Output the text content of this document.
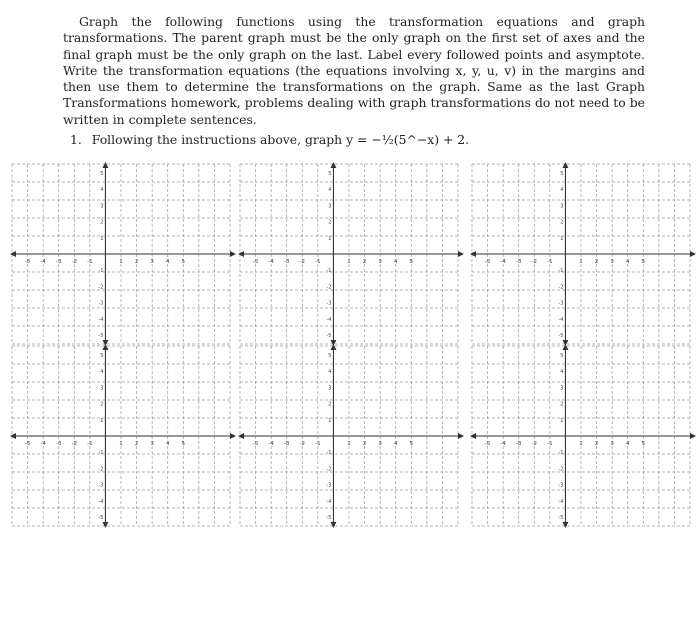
Graph the following functions using the transformation equations and graph transformations. The parent graph must be the only graph on the first set of axes and the final graph must be the only graph on the last. Label every followed points and asymptote. Write the transformation equations (the equations involving x, y, u, v) in the margins and then use them to determine the transformations on the graph. Same as the last Graph Transformations homework, problems dealing with graph transformations do not need to be written in complete sentences.

1. Following the instructions above, graph y = −½(5^−x) + 2.
-5 -4 -3 -2 -1	1 2 3 4 5
5
4
3
2
1
-1
-2
-3
-4
-5
-5 -4 -3 -2 -1	1 2 3 4 5
5
4
3
2
1
-1
-2
-3
-4
-5
-5 -4 -3 -2 -1	1 2 3 4 5
5
4
3
2
1
-1
-2
-3
-4
-5
-5 -4 -3 -2 -1	1 2 3 4 5
5
4
3
2
1
-1
-2
-3
-4
-5
-5 -4 -3 -2 -1	1 2 3 4 5
5
4
3
2
1
-1
-2
-3
-4
-5
-5 -4 -3 -2 -1	1 2 3 4 5
5
4
3
2
1
-1
-2
-3
-4
-5
